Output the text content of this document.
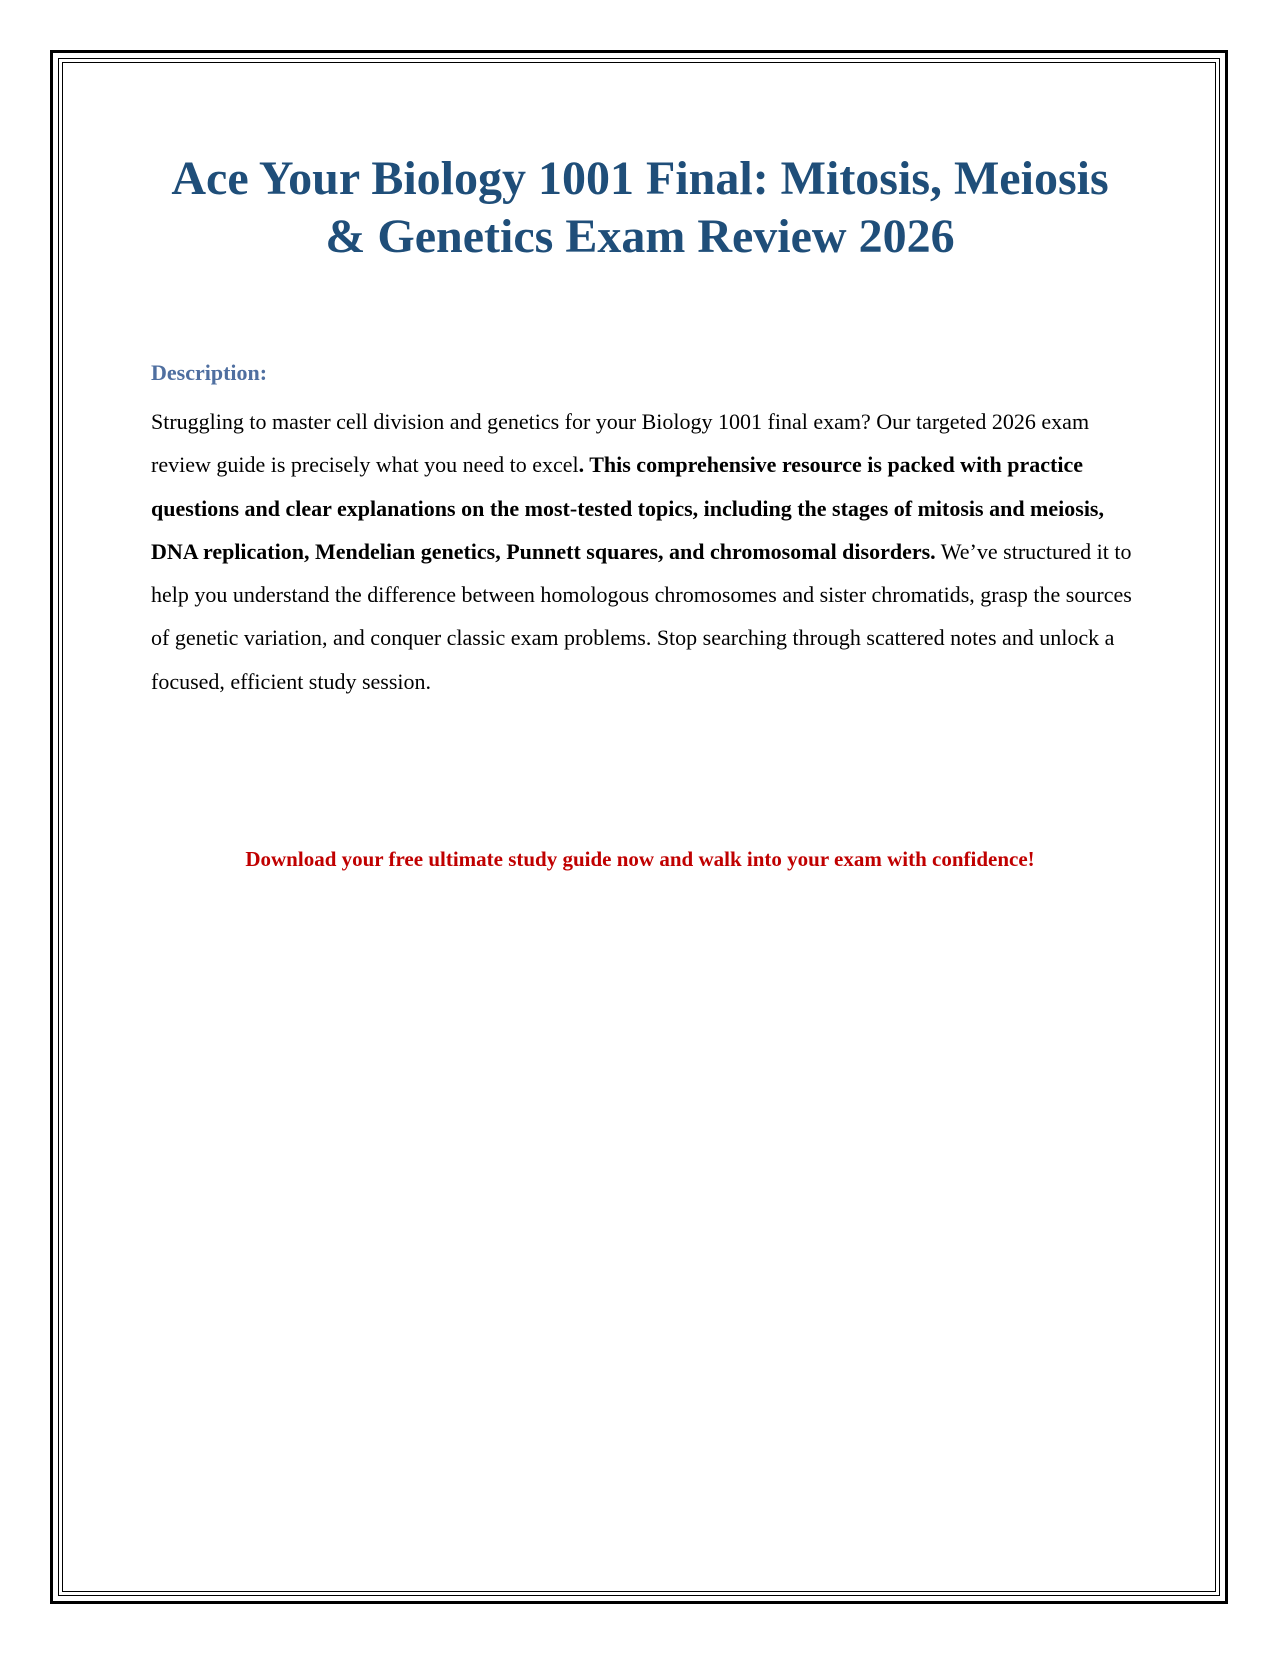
Ace Your Biology 1001 Final: Mitosis, Meiosis & Genetics Exam Review 2026

Description:

Struggling to master cell division and genetics for your Biology 1001 final exam? Our targeted 2026 exam review guide is precisely what you need to excel. This comprehensive resource is packed with practice questions and clear explanations on the most-tested topics, including the stages of mitosis and meiosis, DNA replication, Mendelian genetics, Punnett squares, and chromosomal disorders. We’ve structured it to help you understand the difference between homologous chromosomes and sister chromatids, grasp the sources of genetic variation, and conquer classic exam problems. Stop searching through scattered notes and unlock a focused, efficient study session.

Download your free ultimate study guide now and walk into your exam with confidence!
